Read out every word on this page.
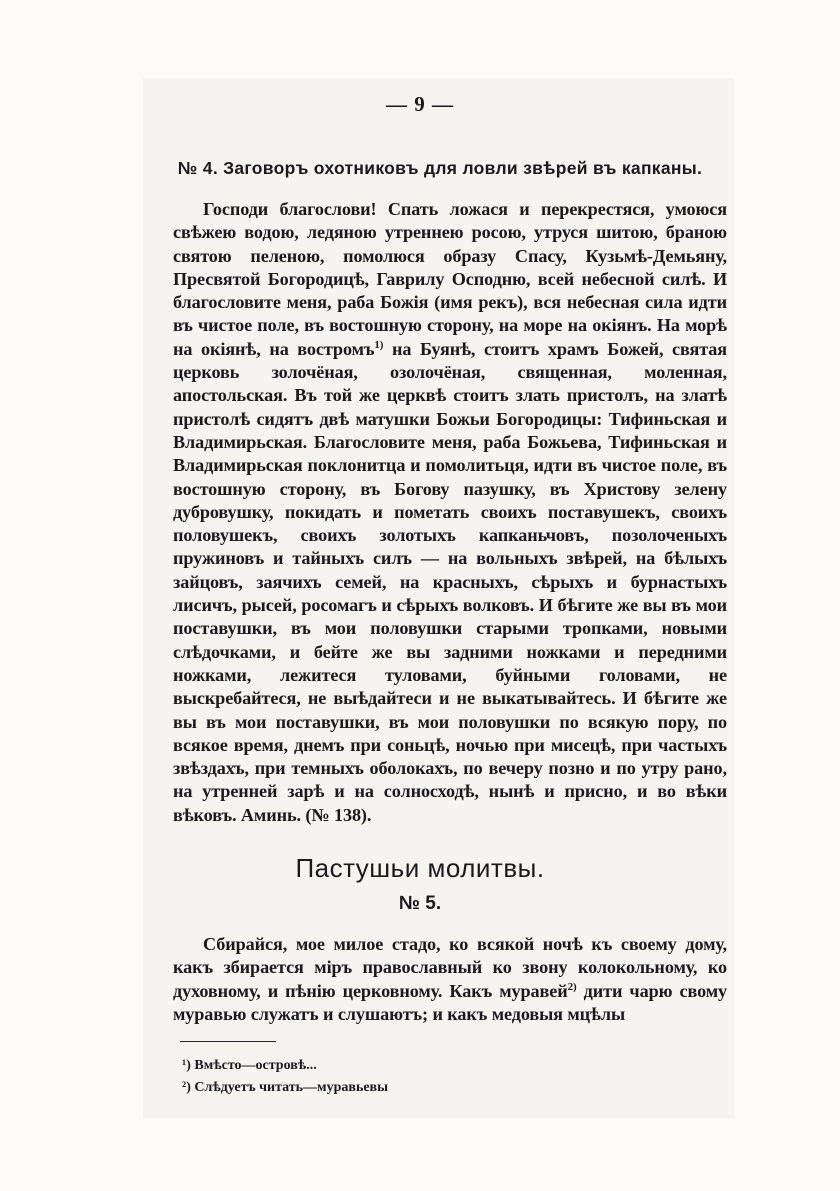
— 9 —
№ 4. Заговоръ охотниковъ для ловли звѣрей въ капканы.
Господи благослови! Спать ложася и перекрестяся, умоюся свѣжею водою, ледяною утреннею росою, утруся шитою, браною святою пеленою, помолюся образу Спасу, Кузьмѣ-Демьяну, Пресвятой Богородицѣ, Гаврилу Осподню, всей небесной силѣ. И благословите меня, раба Божiя (имя рекъ), вся небесная сила идти въ чистое поле, въ востошную сторону, на море на окiянъ. На морѣ на окiянѣ, на востромъ$^{1)}$ на Буянѣ, стоитъ храмъ Божей, святая церковь золочёная, озолочёная, священная, моленная, апостольская. Въ той же церквѣ стоитъ злать пристолъ, на златѣ пристолѣ сидятъ двѣ матушки Божьи Богородицы: Тифиньская и Владимирьская. Благословите меня, раба Божьева, Тифиньская и Владимирьская поклонитца и помолитьця, идти въ чистое поле, въ востошную сторону, въ Богову пазушку, въ Христову зелену дубровушку, покидать и пометать своихъ поставушекъ, своихъ половушекъ, своихъ золотыхъ капканьчовъ, позолоченыхъ пружиновъ и тайныхъ силъ — на вольныхъ звѣрей, на бѣлыхъ зайцовъ, заячихъ семей, на красныхъ, сѣрыхъ и бурнастыхъ лисичъ, рысей, росомагъ и сѣрыхъ волковъ. И бѣгите же вы въ мои поставушки, въ мои половушки старыми тропками, новыми слѣдочками, и бейте же вы задними ножками и передними ножками, лежитеся туловами, буйными головами, не выскребайтеся, не выѣдайтеси и не выкатывайтесь. И бѣгите же вы въ мои поставушки, въ мои половушки по всякую пору, по всякое время, днемъ при соньцѣ, ночью при мисецѣ, при частыхъ звѣздахъ, при темныхъ оболокахъ, по вечеру позно и по утру рано, на утренней зарѣ и на солносходѣ, нынѣ и присно, и во вѣки вѣковъ. Аминь. (№ 138).
Пастушьи молитвы.
№ 5.
Сбирайся, мое милое стадо, ко всякой ночѣ къ своему дому, какъ збирается мiръ православный ко звону колокольному, ко духовному, и пѣнiю церковному. Какъ муравей$^{2)}$ дити чарю свому муравью служатъ и слушаютъ; и какъ медовыя мцѣлы
¹) Вмѣсто—островѣ...
²) Слѣдуетъ читать—муравьевы
